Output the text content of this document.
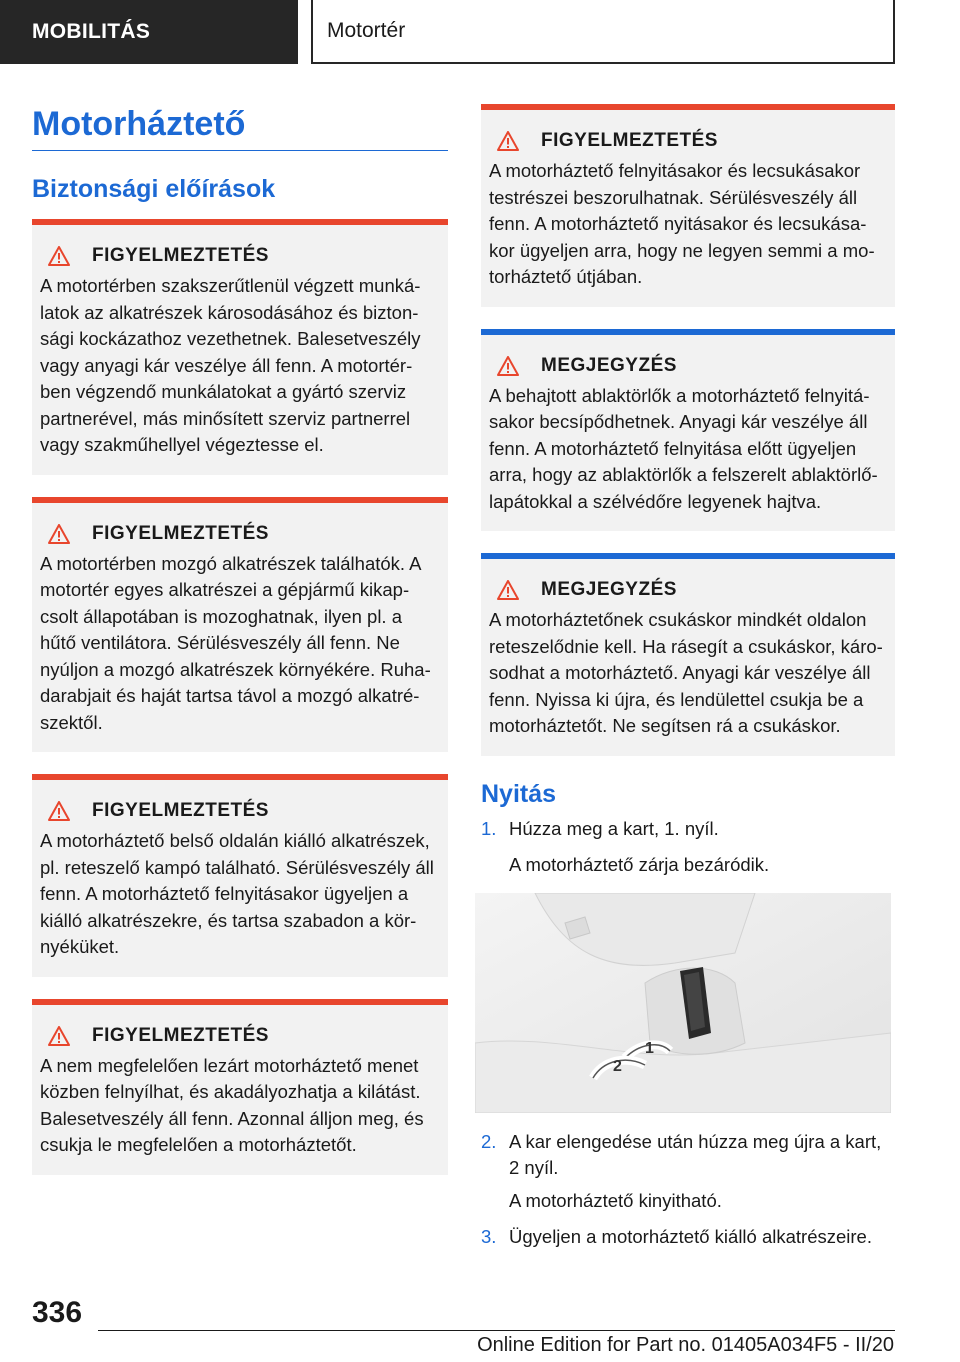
MOBILITÁS	Motortér
Motorháztető
Biztonsági előírások
FIGYELMEZTETÉS
A motortérben szakszerűtlenül végzett munká-latok az alkatrészek károsodásához és bizton-sági kockázathoz vezethetnek. Balesetveszély vagy anyagi kár veszélye áll fenn. A motortér-ben végzendő munkálatokat a gyártó szerviz partnerével, más minősített szerviz partnerrel vagy szakműhellyel végeztesse el.
FIGYELMEZTETÉS
A motortérben mozgó alkatrészek találhatók. A motortér egyes alkatrészei a gépjármű kikap-csolt állapotában is mozoghatnak, ilyen pl. a hűtő ventilátora. Sérülésveszély áll fenn. Ne nyúljon a mozgó alkatrészek környékére. Ruha-darabjait és haját tartsa távol a mozgó alkatré-szektől.
FIGYELMEZTETÉS
A motorháztető belső oldalán kiálló alkatrészek, pl. reteszelő kampó található. Sérülésveszély áll fenn. A motorháztető felnyitásakor ügyeljen a kiálló alkatrészekre, és tartsa szabadon a kör-nyéküket.
FIGYELMEZTETÉS
A nem megfelelően lezárt motorháztető menet közben felnyílhat, és akadályozhatja a kilátást. Balesetveszély áll fenn. Azonnal álljon meg, és csukja le megfelelően a motorháztetőt.
FIGYELMEZTETÉS
A motorháztető felnyitásakor és lecsukásakor testrészei beszorulhatnak. Sérülésveszély áll fenn. A motorháztető nyitásakor és lecsukása-kor ügyeljen arra, hogy ne legyen semmi a mo-torháztető útjában.
MEGJEGYZÉS
A behajtott ablaktörlők a motorháztető felnyitá-sakor becsípődhetnek. Anyagi kár veszélye áll fenn. A motorháztető felnyitása előtt ügyeljen arra, hogy az ablaktörlők a felszerelt ablaktörlő-lapátokkal a szélvédőre legyenek hajtva.
MEGJEGYZÉS
A motorháztetőnek csukáskor mindkét oldalon reteszelődnie kell. Ha rásegít a csukáskor, káro-sodhat a motorháztető. Anyagi kár veszélye áll fenn. Nyissa ki újra, és lendülettel csukja be a motorháztetőt. Ne segítsen rá a csukáskor.
Nyitás
1. Húzza meg a kart, 1. nyíl.
A motorháztető zárja bezáródik.
1
2
2. A kar elengedése után húzza meg újra a kart, 2 nyíl.
A motorháztető kinyitható.
3. Ügyeljen a motorháztető kiálló alkatrészeire.
336
Online Edition for Part no. 01405A034F5 - II/20
